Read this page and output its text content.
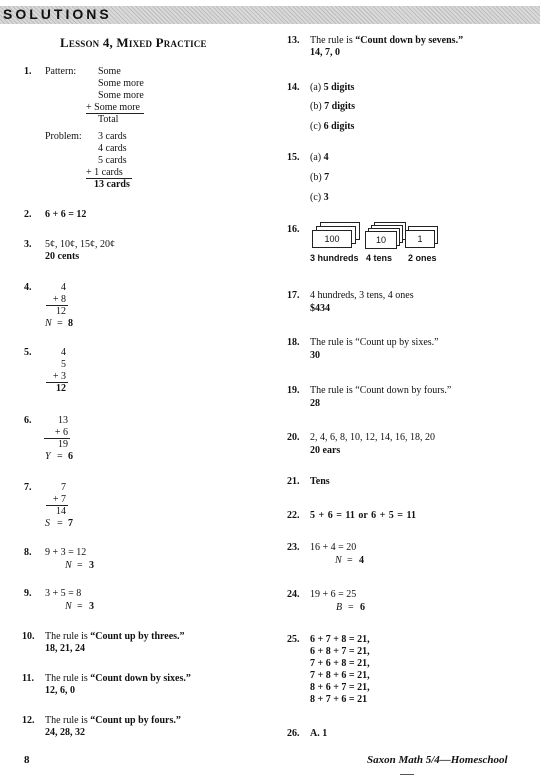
SOLUTIONS
Lesson 4, Mixed Practice
1. Pattern: Some
Some more
Some more
+ Some more
Total
Problem: 3 cards
4 cards
5 cards
+ 1 cards
13 cards
2. 6 + 6 = 12
3. 5¢, 10¢, 15¢, 20¢
20 cents
4.	4
+ 8
12
N = 8
5.	4
5
+ 3
12
6.	13
+ 6
19
Y = 6
7.	7
+ 7
14
S = 7
8. 9 + 3 = 12
N = 3
9. 3 + 5 = 8
N = 3
10. The rule is “Count up by threes.”
18, 21, 24
11. The rule is “Count down by sixes.”
12, 6, 0
12. The rule is “Count up by fours.”
24, 28, 32
13. The rule is “Count down by sevens.”
14, 7, 0
14. (a) 5 digits
(b) 7 digits
(c) 6 digits
15. (a) 4
(b) 7
(c) 3
16.
100	10	1
3 hundreds 4 tens 2 ones
17. 4 hundreds, 3 tens, 4 ones
$434
18. The rule is “Count up by sixes.”
30
19. The rule is “Count down by fours.”
28
20. 2, 4, 6, 8, 10, 12, 14, 16, 18, 20
20 ears
21. Tens
22. 5 + 6 = 11 or 6 + 5 = 11
23. 16 + 4 = 20
N = 4
24. 19 + 6 = 25
B = 6
25. 6 + 7 + 8 = 21,
6 + 8 + 7 = 21,
7 + 6 + 8 = 21,
7 + 8 + 6 = 21,
8 + 6 + 7 = 21,
8 + 7 + 6 = 21
26. A. 1
8	Saxon Math 5/4—Homeschool
